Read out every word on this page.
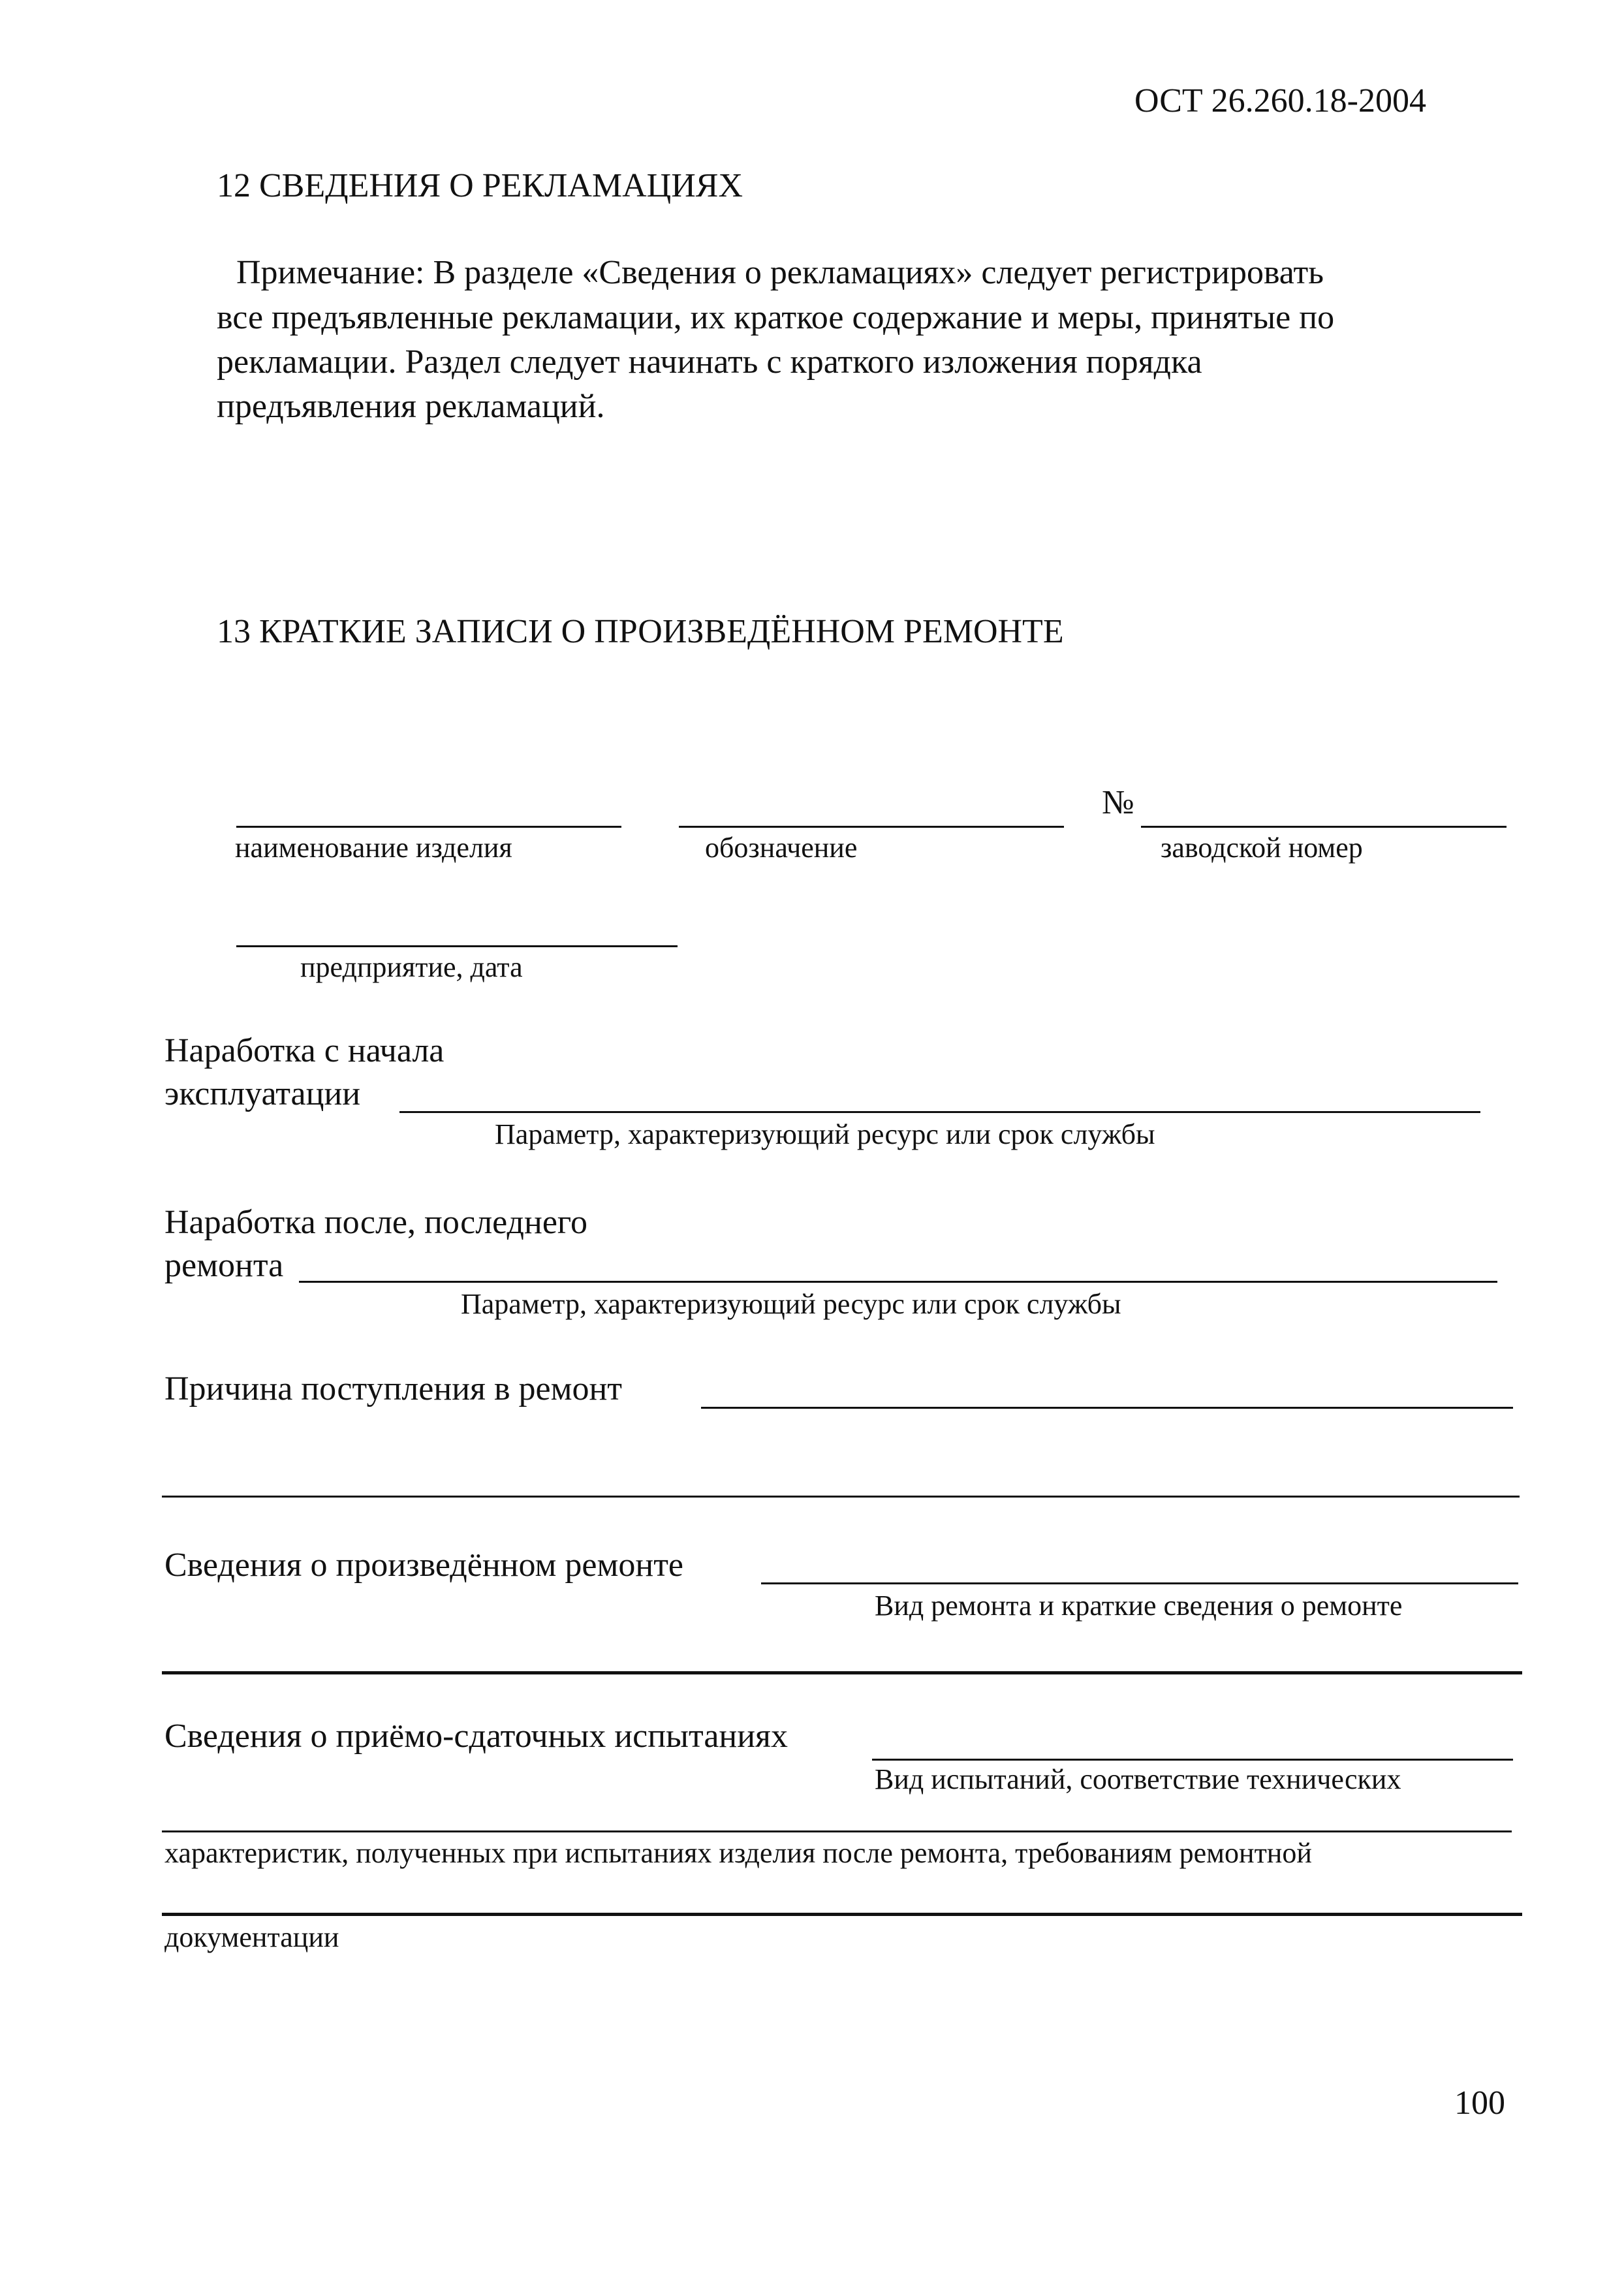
ОСТ 26.260.18-2004
12 СВЕДЕНИЯ О РЕКЛАМАЦИЯХ
Примечание: В разделе «Сведения о рекламациях» следует регистрировать
все предъявленные рекламации, их краткое содержание и меры, принятые по
рекламации. Раздел следует начинать с краткого изложения порядка
предъявления рекламаций.
13 КРАТКИЕ ЗАПИСИ О ПРОИЗВЕДЁННОМ РЕМОНТЕ
№
наименование изделия	обозначение	заводской номер
предприятие, дата
Наработка с начала
эксплуатации
Параметр, характеризующий ресурс или срок службы
Наработка после, последнего
ремонта
Параметр, характеризующий ресурс или срок службы
Причина поступления в ремонт
Сведения о произведённом ремонте
Вид ремонта и краткие сведения о ремонте
Сведения о приёмо-сдаточных испытаниях
Вид испытаний, соответствие технических
характеристик, полученных при испытаниях изделия после ремонта, требованиям ремонтной
документации
100
